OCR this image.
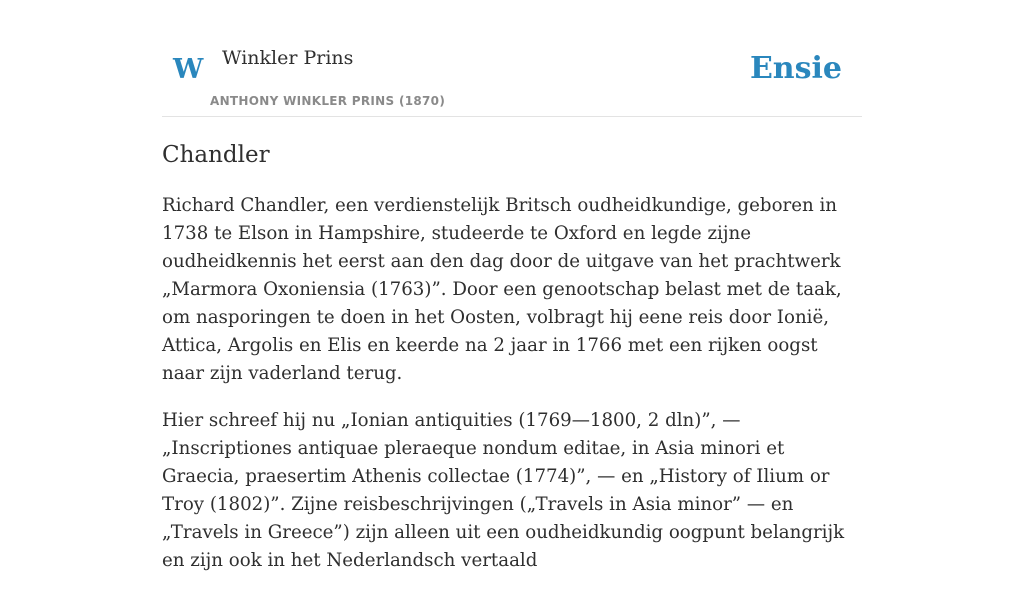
W Winkler Prins
ANTHONY WINKLER PRINS (1870)
Ensie
Chandler

Richard Chandler, een verdienstelijk Britsch oudheidkundige, geboren in 1738 te Elson in Hampshire, studeerde te Oxford en legde zijne oudheidkennis het eerst aan den dag door de uitgave van het prachtwerk „Marmora Oxoniensia (1763)”. Door een genootschap belast met de taak, om nasporingen te doen in het Oosten, volbragt hij eene reis door Ionië, Attica, Argolis en Elis en keerde na 2 jaar in 1766 met een rijken oogst naar zijn vaderland terug.

Hier schreef hij nu „Ionian antiquities (1769—1800, 2 dln)”, — „Inscriptiones antiquae pleraeque nondum editae, in Asia minori et Graecia, praesertim Athenis collectae (1774)”, — en „History of Ilium or Troy (1802)”. Zijne reisbeschrijvingen („Travels in Asia minor” — en „Travels in Greece”) zijn alleen uit een oudheidkundig oogpunt belangrijk en zijn ook in het Nederlandsch vertaald
